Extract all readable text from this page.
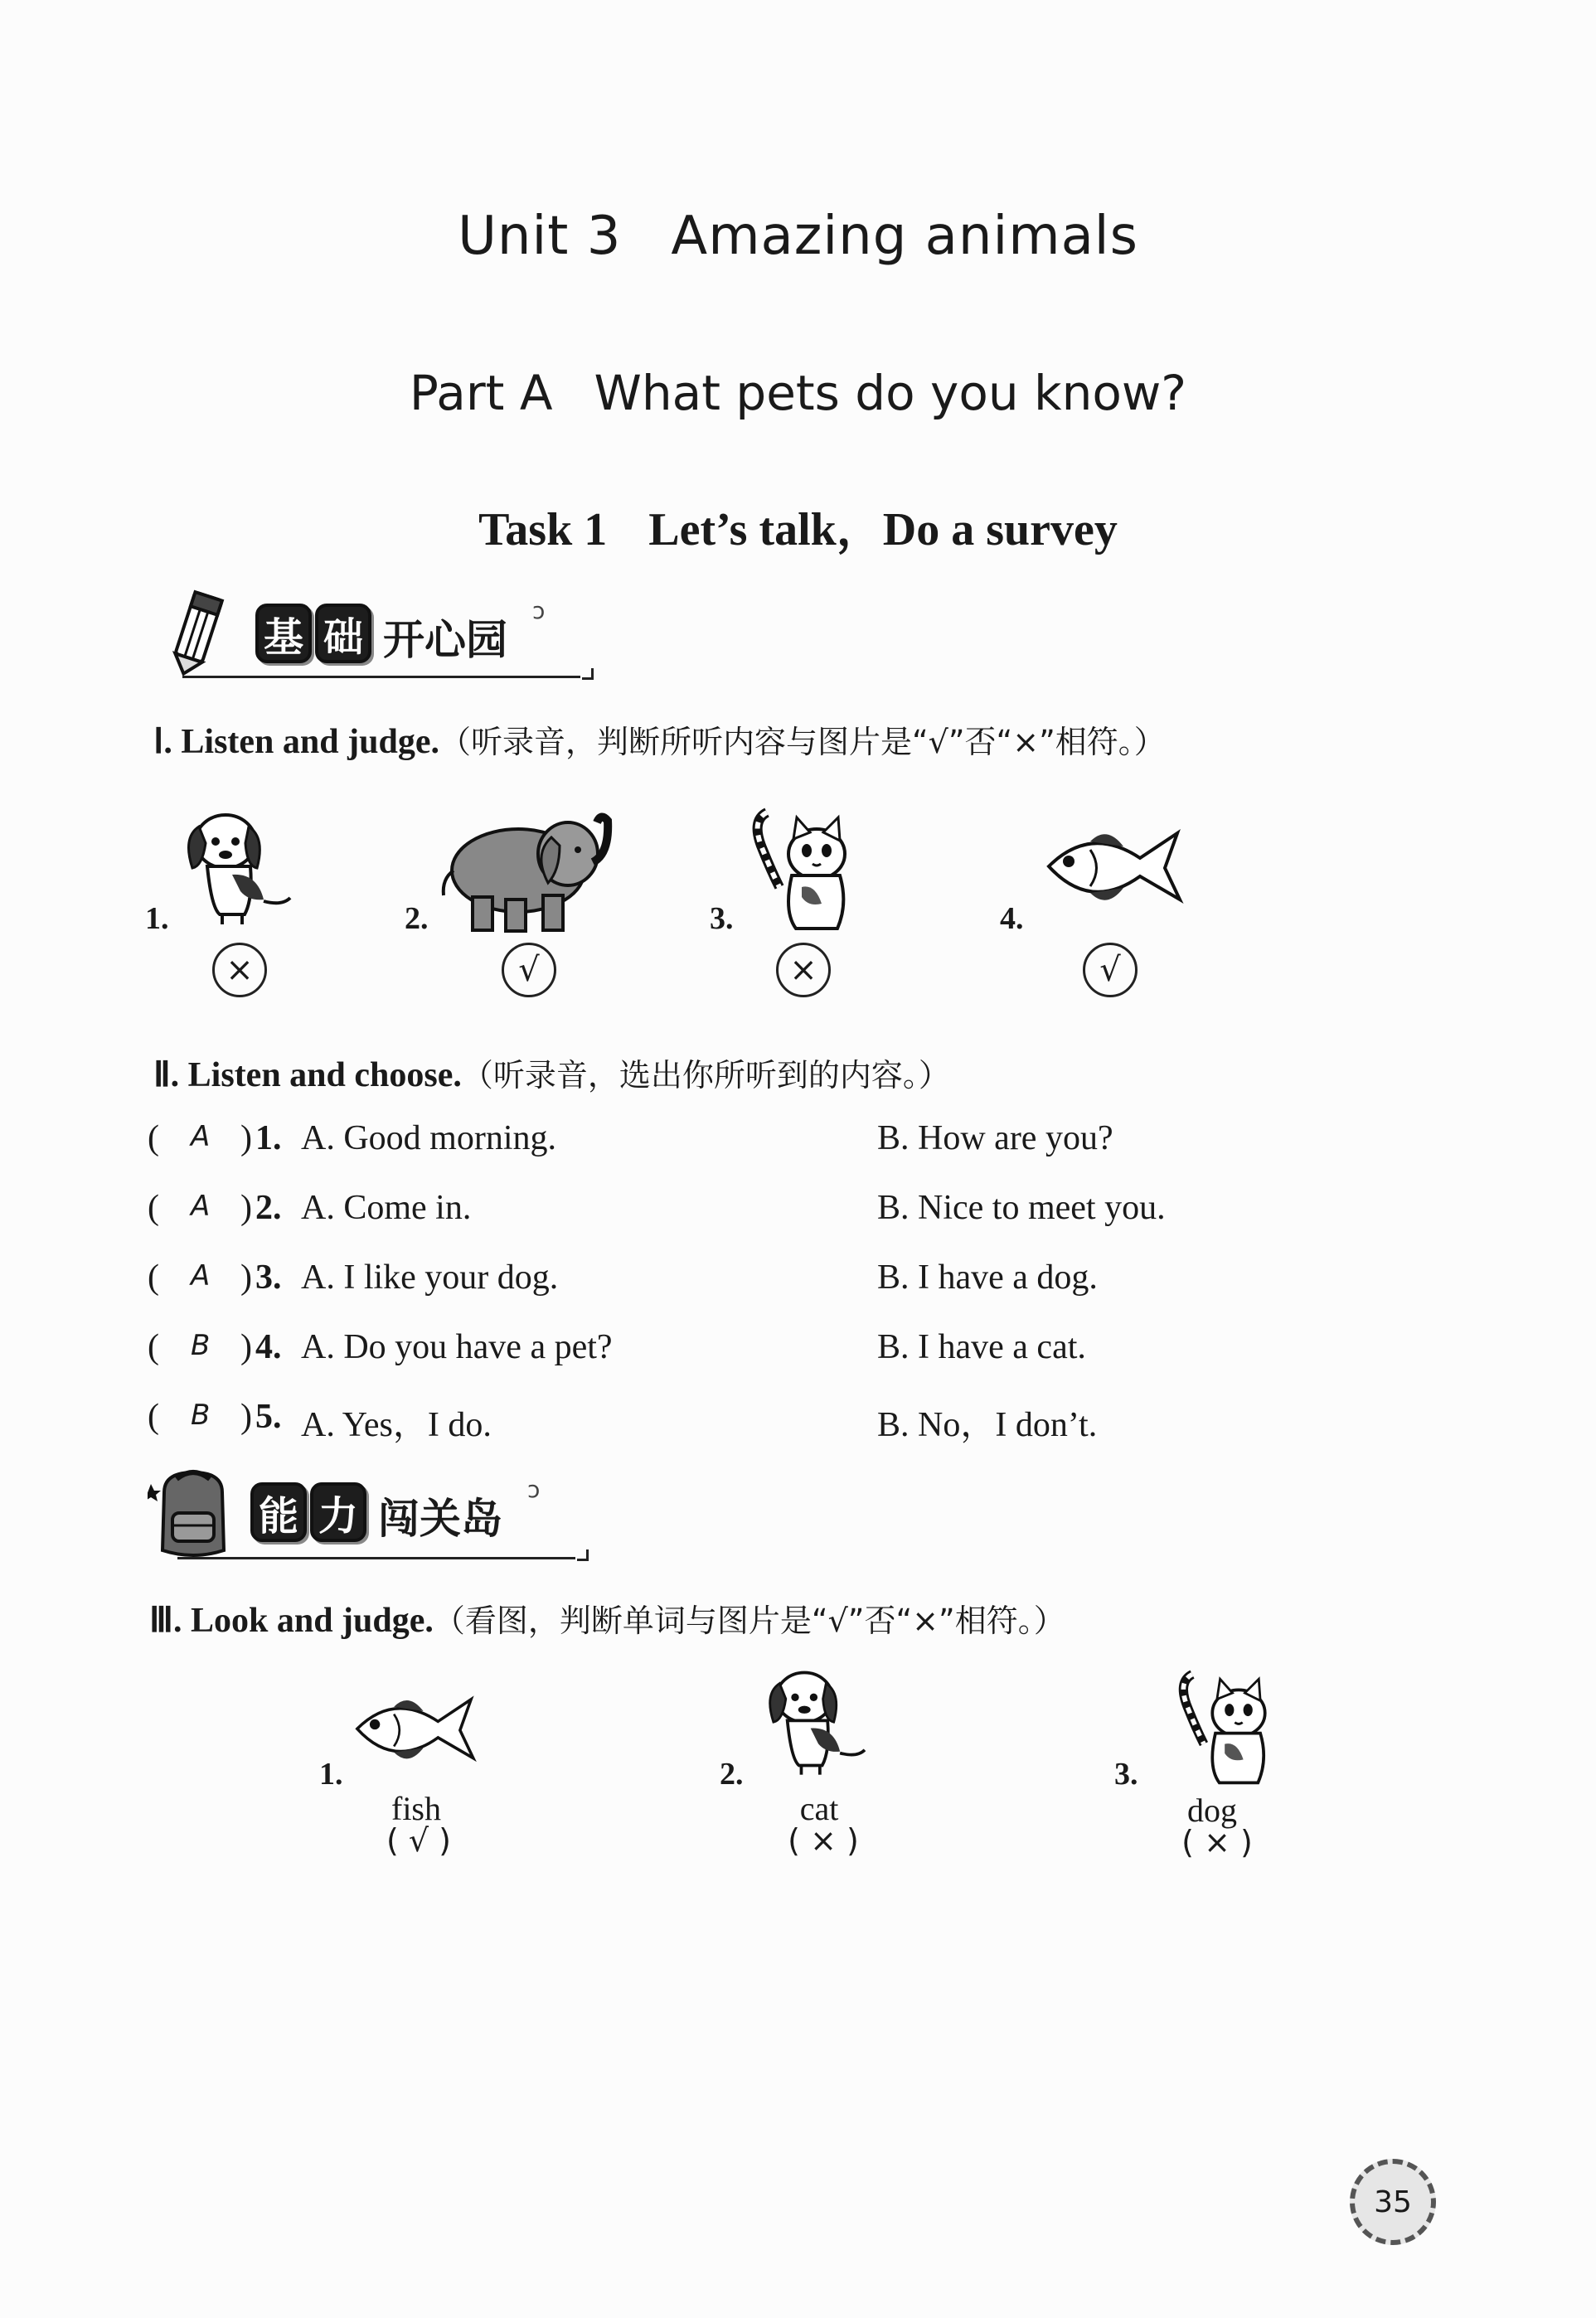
Unit 3 Amazing animals
Part A What pets do you know?
Task 1 Let’s talk，Do a survey
基 础 开心园
ↄ
Ⅰ. Listen and judge.（听录音，判断所听内容与图片是“√”否“×”相符。）
1.	2.	3.	4.
×	√	×	√
Ⅱ. Listen and choose.（听录音，选出你所听到的内容。）
( A ) 1. A. Good morning.	B. How are you?
( A ) 2. A. Come in.	B. Nice to meet you.
( A ) 3. A. I like your dog.	B. I have a dog.
( B ) 4. A. Do you have a pet?	B. I have a cat.
( B ) 5. A. Yes，I do.	B. No，I don’t.
能 力 闯关岛
ↄ
Ⅲ. Look and judge.（看图，判断单词与图片是“√”否“×”相符。）
1.	2.	3.
fish	cat	dog
( √ )	( × )	( × )
35
